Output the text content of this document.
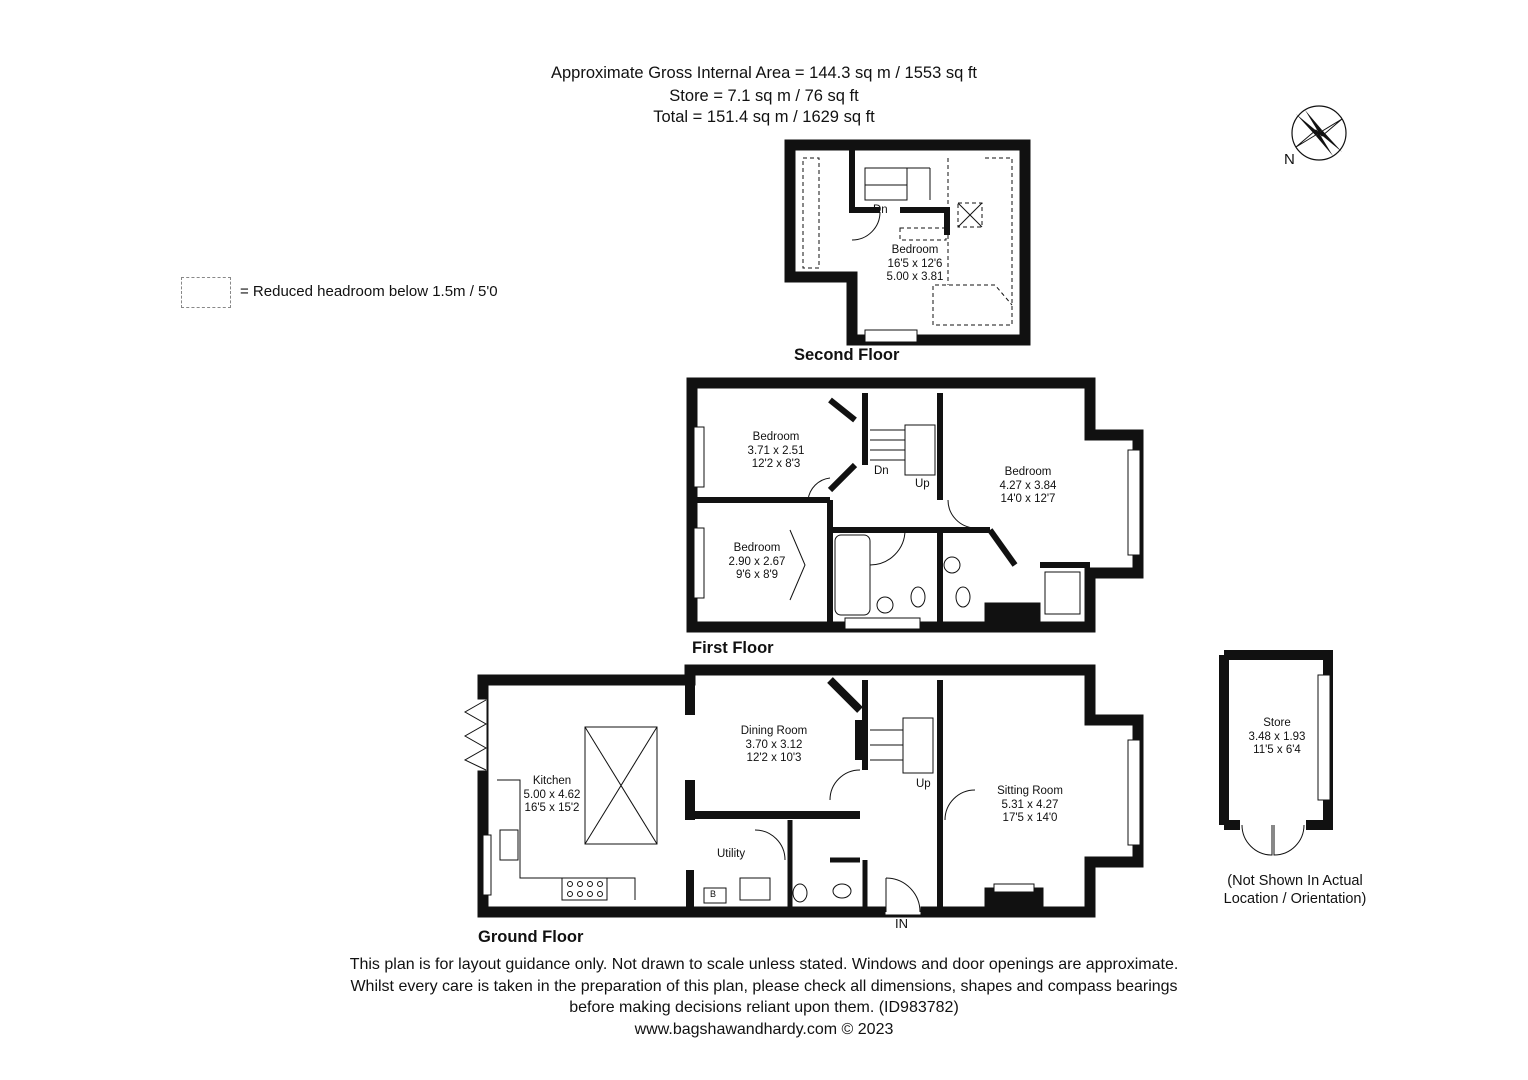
Approximate Gross Internal Area = 144.3 sq m / 1553 sq ft
Store = 7.1 sq m / 76 sq ft
Total = 151.4 sq m / 1629 sq ft
N
= Reduced headroom below 1.5m / 5'0
Dn
Bedroom
16'5 x 12'6
5.00 x 3.81
Second Floor
Bedroom
3.71 x 2.51
12'2 x 8'3
Bedroom
2.90 x 2.67
9'6 x 8'9
Bedroom
4.27 x 3.84
14'0 x 12'7
Dn
Up
First Floor
Kitchen
5.00 x 4.62
16'5 x 15'2
Dining Room
3.70 x 3.12
12'2 x 10'3
Utility
Sitting Room
5.31 x 4.27
17'5 x 14'0
Up
B
IN
Ground Floor
Store
3.48 x 1.93
11'5 x 6'4
(Not Shown In Actual
Location / Orientation)
This plan is for layout guidance only. Not drawn to scale unless stated. Windows and door openings are approximate.
Whilst every care is taken in the preparation of this plan, please check all dimensions, shapes and compass bearings
before making decisions reliant upon them. (ID983782)
www.bagshawandhardy.com © 2023
